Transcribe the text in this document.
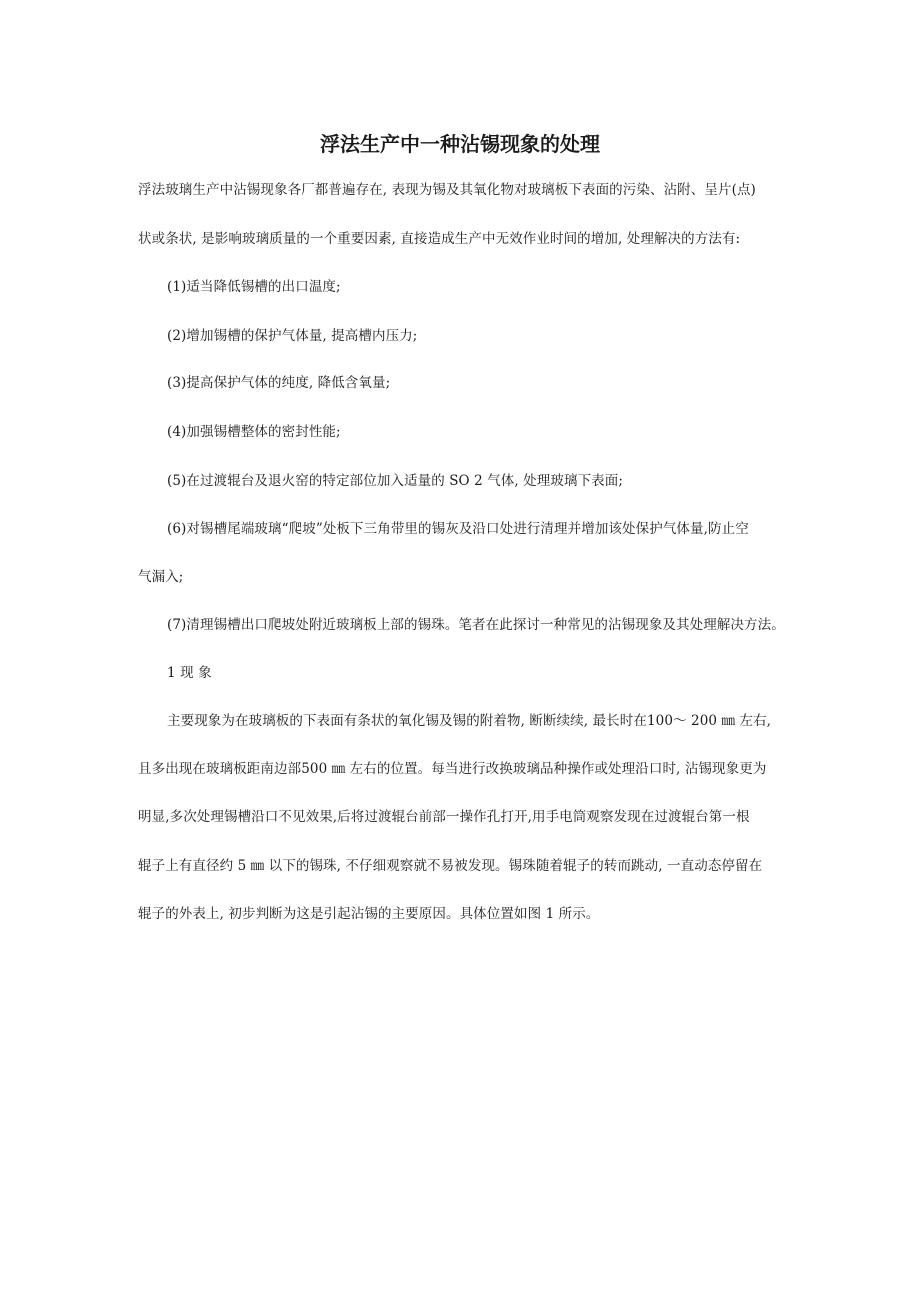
浮法生产中一种沾锡现象的处理
浮法玻璃生产中沾锡现象各厂都普遍存在, 表现为锡及其氧化物对玻璃板下表面的污染、沾附、呈片(点)
状或条状, 是影响玻璃质量的一个重要因素, 直接造成生产中无效作业时间的增加, 处理解决的方法有:
(1)适当降低锡槽的出口温度;
(2)增加锡槽的保护气体量, 提高槽内压力;
(3)提高保护气体的纯度, 降低含氧量;
(4)加强锡槽整体的密封性能;
(5)在过渡辊台及退火窑的特定部位加入适量的 SO 2 气体, 处理玻璃下表面;
(6)对锡槽尾端玻璃“爬坡”处板下三角带里的锡灰及沿口处进行清理并增加该处保护气体量,防止空
气漏入;
(7)清理锡槽出口爬坡处附近玻璃板上部的锡珠。笔者在此探讨一种常见的沾锡现象及其处理解决方法。
1 现 象
主要现象为在玻璃板的下表面有条状的氧化锡及锡的附着物, 断断续续, 最长时在100～ 200 ㎜ 左右,
且多出现在玻璃板距南边部500 ㎜ 左右的位置。每当进行改换玻璃品种操作或处理沿口时, 沾锡现象更为
明显,多次处理锡槽沿口不见效果,后将过渡辊台前部一操作孔打开,用手电筒观察发现在过渡辊台第一根
辊子上有直径约 5 ㎜ 以下的锡珠, 不仔细观察就不易被发现。锡珠随着辊子的转而跳动, 一直动态停留在
辊子的外表上, 初步判断为这是引起沾锡的主要原因。具体位置如图 1 所示。
